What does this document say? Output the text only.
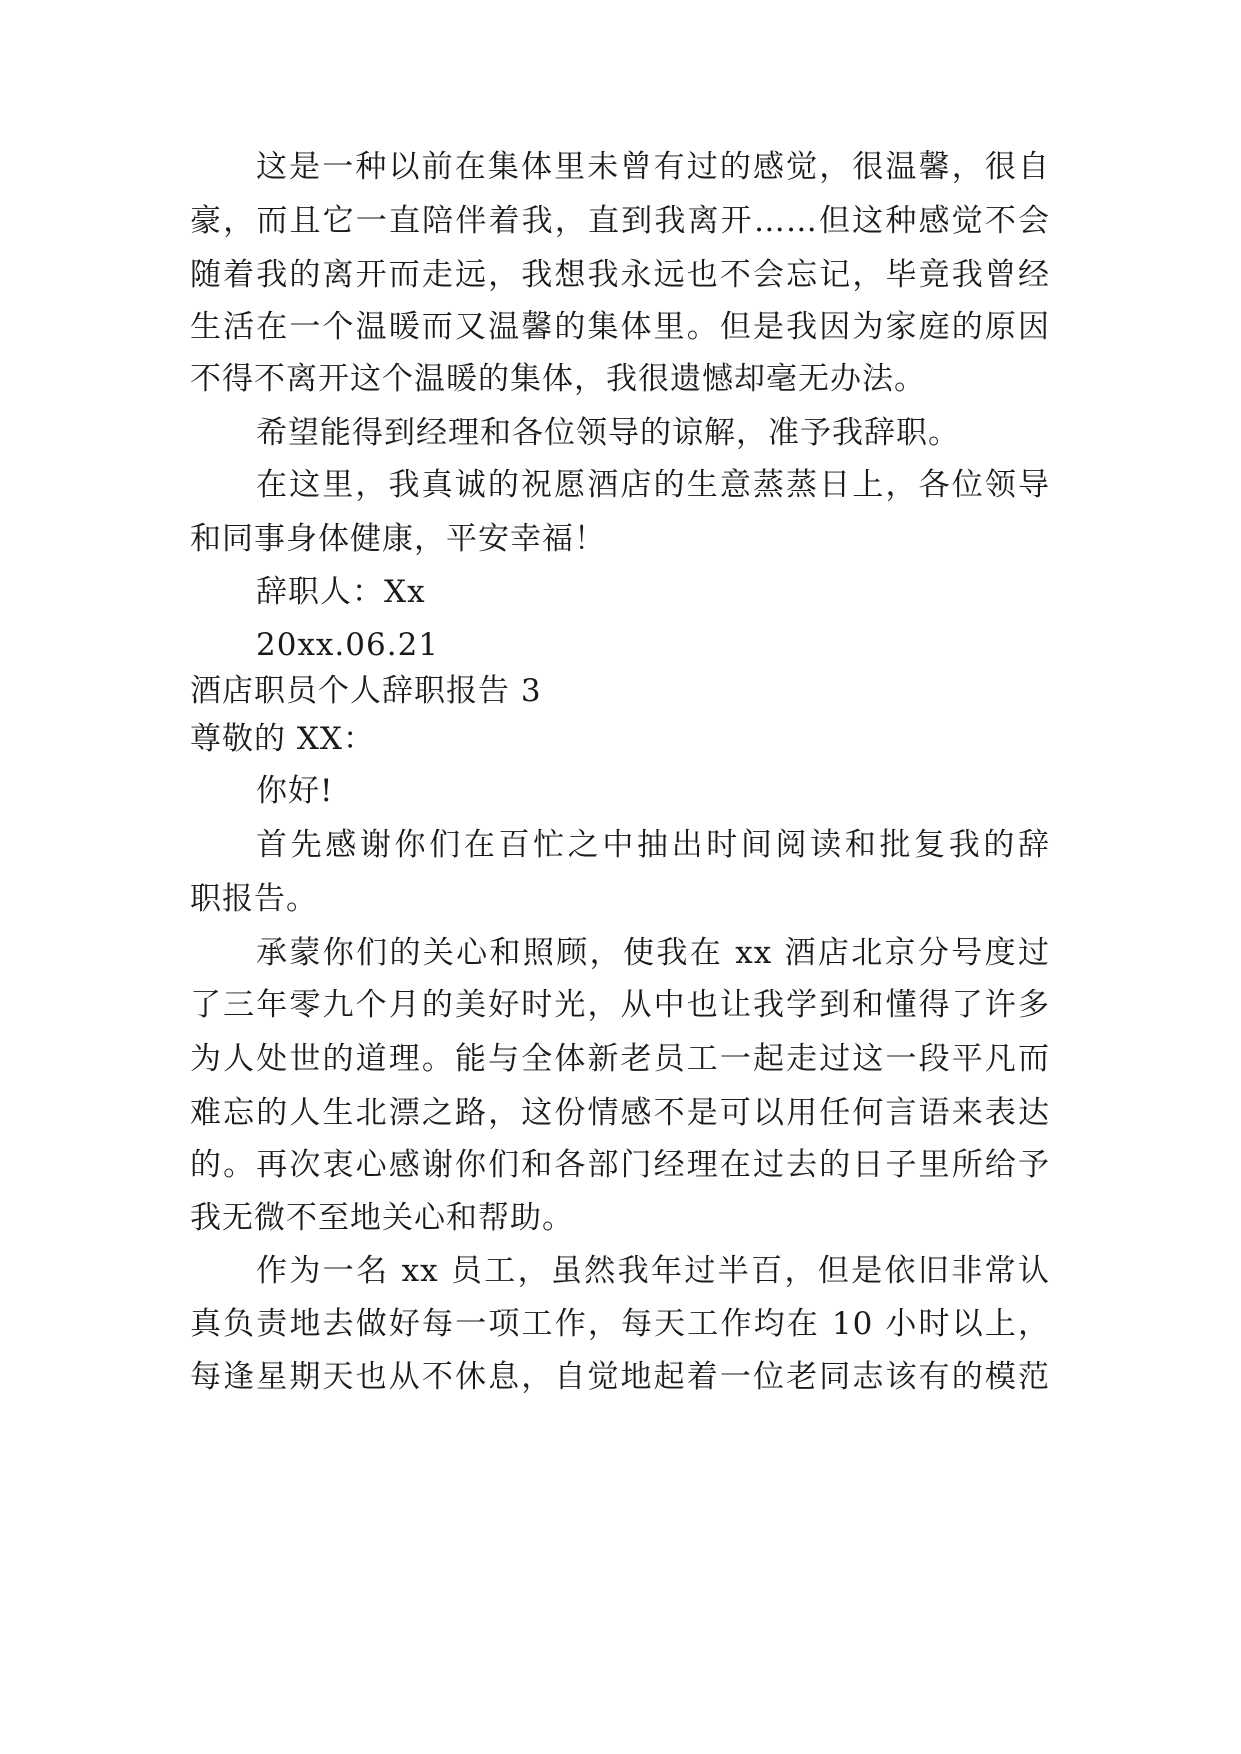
这是一种以前在集体里未曾有过的感觉，很温馨，很自

豪，而且它一直陪伴着我，直到我离开……但这种感觉不会

随着我的离开而走远，我想我永远也不会忘记，毕竟我曾经

生活在一个温暖而又温馨的集体里。但是我因为家庭的原因

不得不离开这个温暖的集体，我很遗憾却毫无办法。

希望能得到经理和各位领导的谅解，准予我辞职。

在这里，我真诚的祝愿酒店的生意蒸蒸日上，各位领导

和同事身体健康，平安幸福！

辞职人：Xx

20xx.06.21

酒店职员个人辞职报告 3

尊敬的 XX：

你好!

首先感谢你们在百忙之中抽出时间阅读和批复我的辞

职报告。

承蒙你们的关心和照顾，使我在 xx 酒店北京分号度过

了三年零九个月的美好时光，从中也让我学到和懂得了许多

为人处世的道理。能与全体新老员工一起走过这一段平凡而

难忘的人生北漂之路，这份情感不是可以用任何言语来表达

的。再次衷心感谢你们和各部门经理在过去的日子里所给予

我无微不至地关心和帮助。

作为一名 xx 员工，虽然我年过半百，但是依旧非常认

真负责地去做好每一项工作，每天工作均在 10 小时以上，

每逢星期天也从不休息，自觉地起着一位老同志该有的模范
